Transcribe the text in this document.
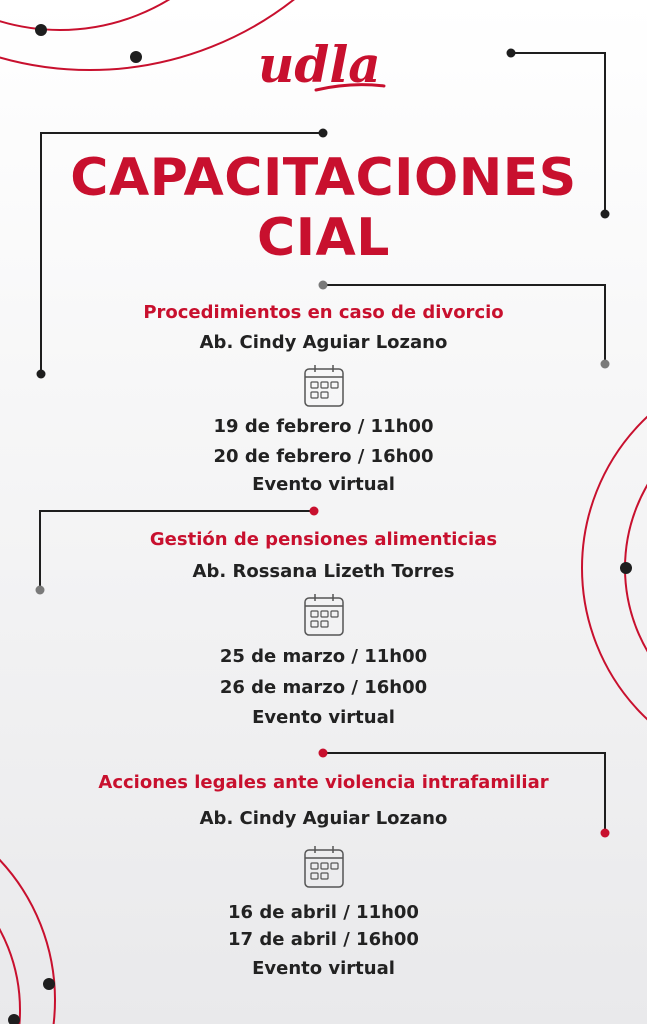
udla
CAPACITACIONES
CIAL
Procedimientos en caso de divorcio
Ab. Cindy Aguiar Lozano
19 de febrero / 11h00
20 de febrero / 16h00
Evento virtual
Gestión de pensiones alimenticias
Ab. Rossana Lizeth Torres
25 de marzo / 11h00
26 de marzo / 16h00
Evento virtual
Acciones legales ante violencia intrafamiliar
Ab. Cindy Aguiar Lozano
16 de abril / 11h00
17 de abril / 16h00
Evento virtual
